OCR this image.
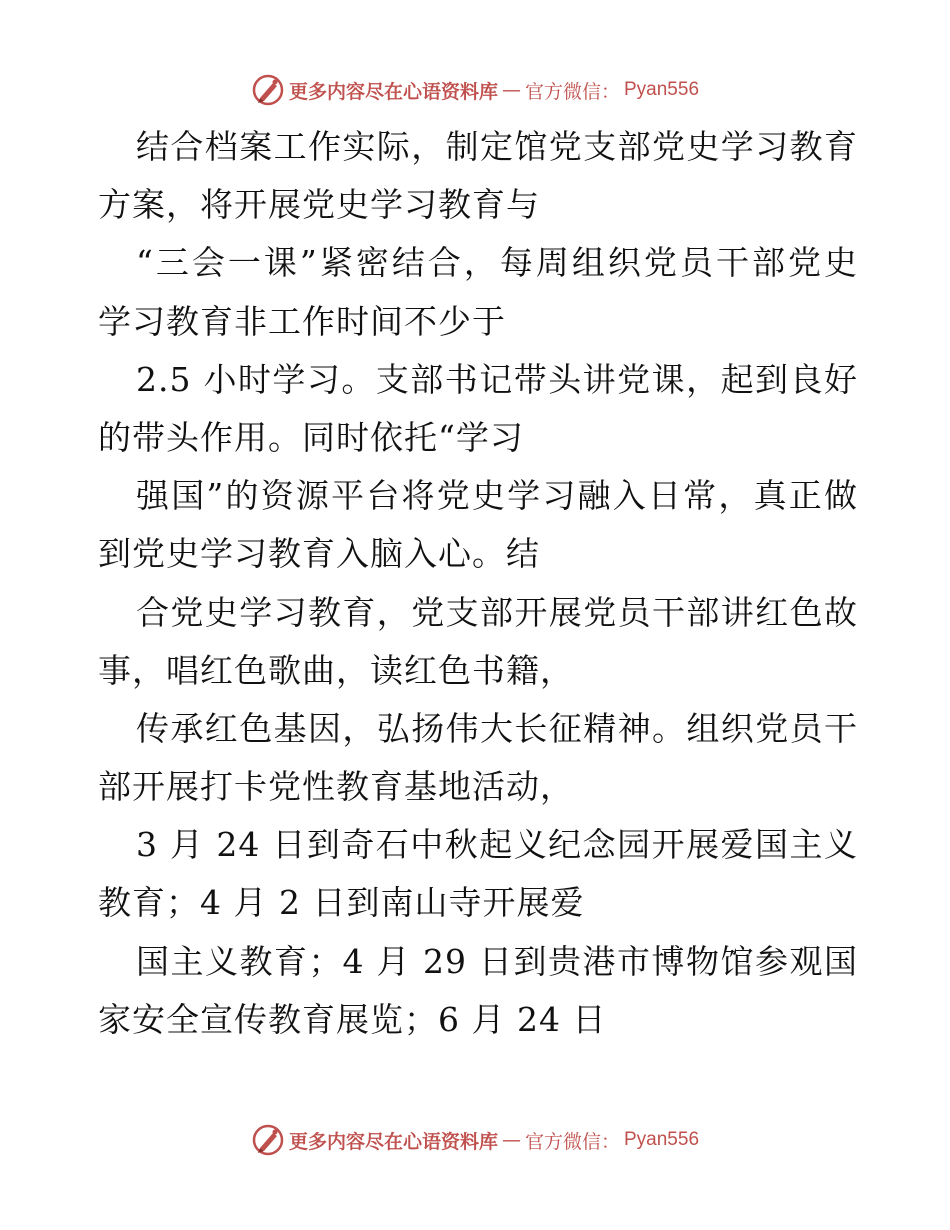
更多内容尽在心语资料库 — 官方微信： Pyan556
结合档案工作实际，制定馆党支部党史学习教育
方案，将开展党史学习教育与
“三会一课”紧密结合，每周组织党员干部党史
学习教育非工作时间不少于
2.5 小时学习。支部书记带头讲党课，起到良好
的带头作用。同时依托“学习
强国”的资源平台将党史学习融入日常，真正做
到党史学习教育入脑入心。结
合党史学习教育，党支部开展党员干部讲红色故
事，唱红色歌曲，读红色书籍，
传承红色基因，弘扬伟大长征精神。组织党员干
部开展打卡党性教育基地活动，
3 月 24 日到奇石中秋起义纪念园开展爱国主义
教育；4 月 2 日到南山寺开展爱
国主义教育；4 月 29 日到贵港市博物馆参观国
家安全宣传教育展览；6 月 24 日
更多内容尽在心语资料库 — 官方微信： Pyan556
